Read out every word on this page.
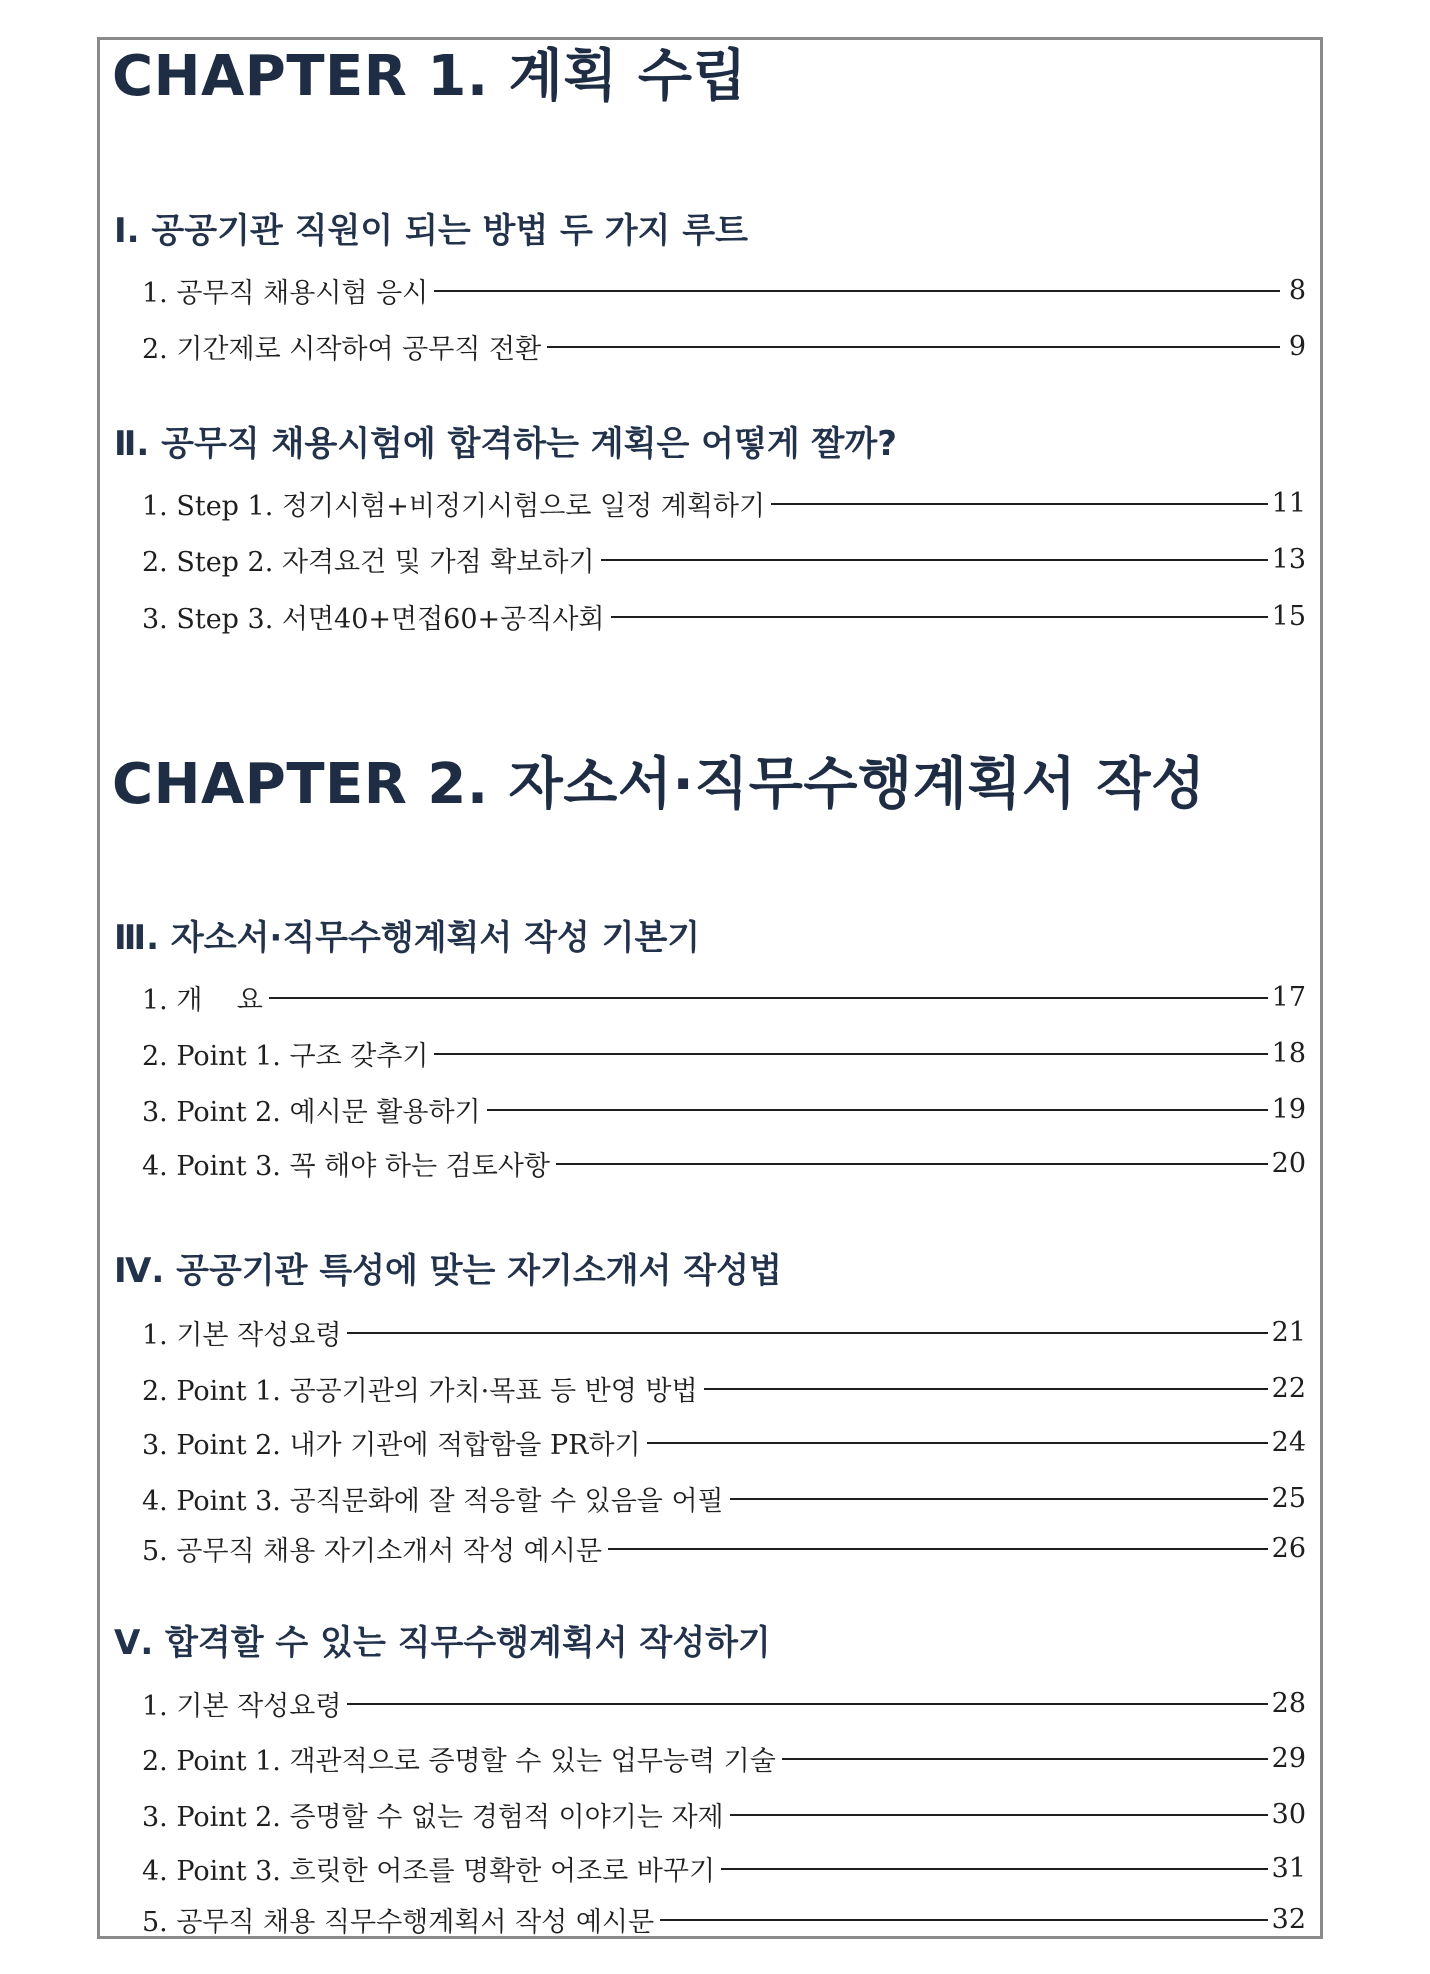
CHAPTER 1. 계획 수립
Ⅰ. 공공기관 직원이 되는 방법 두 가지 루트
1. 공무직 채용시험 응시	8
2. 기간제로 시작하여 공무직 전환	9
Ⅱ. 공무직 채용시험에 합격하는 계획은 어떻게 짤까?
1. Step 1. 정기시험+비정기시험으로 일정 계획하기	11
2. Step 2. 자격요건 및 가점 확보하기	13
3. Step 3. 서면40+면접60+공직사회	15
CHAPTER 2. 자소서·직무수행계획서 작성
Ⅲ. 자소서·직무수행계획서 작성 기본기
1. 개    요	17
2. Point 1. 구조 갖추기	18
3. Point 2. 예시문 활용하기	19
4. Point 3. 꼭 해야 하는 검토사항	20
Ⅳ. 공공기관 특성에 맞는 자기소개서 작성법
1. 기본 작성요령	21
2. Point 1. 공공기관의 가치·목표 등 반영 방법	22
3. Point 2. 내가 기관에 적합함을 PR하기	24
4. Point 3. 공직문화에 잘 적응할 수 있음을 어필	25
5. 공무직 채용 자기소개서 작성 예시문	26
Ⅴ. 합격할 수 있는 직무수행계획서 작성하기
1. 기본 작성요령	28
2. Point 1. 객관적으로 증명할 수 있는 업무능력 기술	29
3. Point 2. 증명할 수 없는 경험적 이야기는 자제	30
4. Point 3. 흐릿한 어조를 명확한 어조로 바꾸기	31
5. 공무직 채용 직무수행계획서 작성 예시문	32
